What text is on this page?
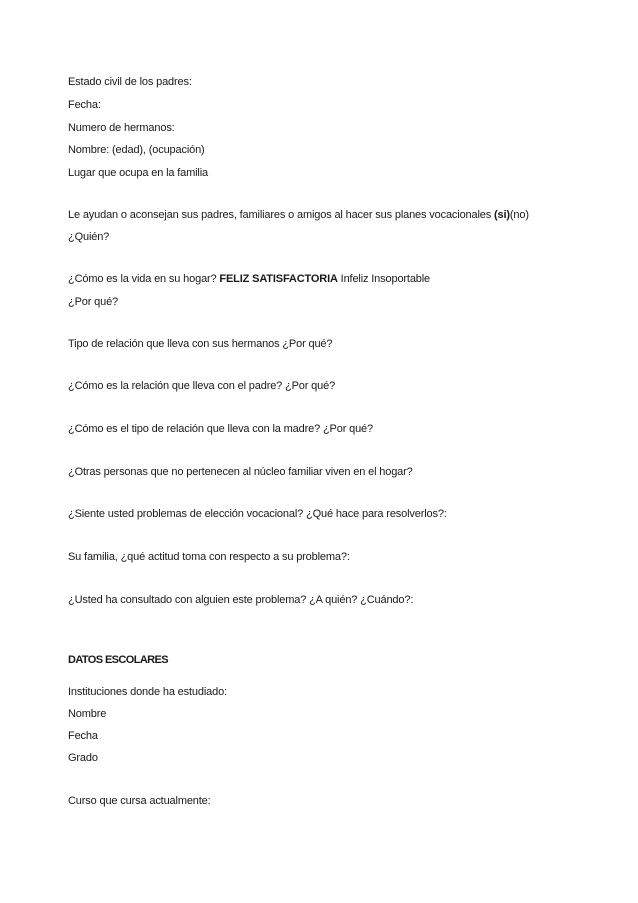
Estado civil de los padres:
Fecha:
Numero de hermanos:
Nombre: (edad), (ocupación)
Lugar que ocupa en la familia
Le ayudan o aconsejan sus padres, familiares o amigos al hacer sus planes vocacionales (si)(no)
¿Quién?
¿Cómo es la vida en su hogar? FELIZ SATISFACTORIA Infeliz Insoportable
¿Por qué?
Tipo de relación que lleva con sus hermanos ¿Por qué?
¿Cómo es la relación que lleva con el padre? ¿Por qué?
¿Cómo es el tipo de relación que lleva con la madre? ¿Por qué?
¿Otras personas que no pertenecen al núcleo familiar viven en el hogar?
¿Siente usted problemas de elección vocacional? ¿Qué hace para resolverlos?:
Su familia, ¿qué actitud toma con respecto a su problema?:
¿Usted ha consultado con alguien este problema? ¿A quién? ¿Cuándo?:
DATOS ESCOLARES
Instituciones donde ha estudiado:
Nombre
Fecha
Grado
Curso que cursa actualmente:
